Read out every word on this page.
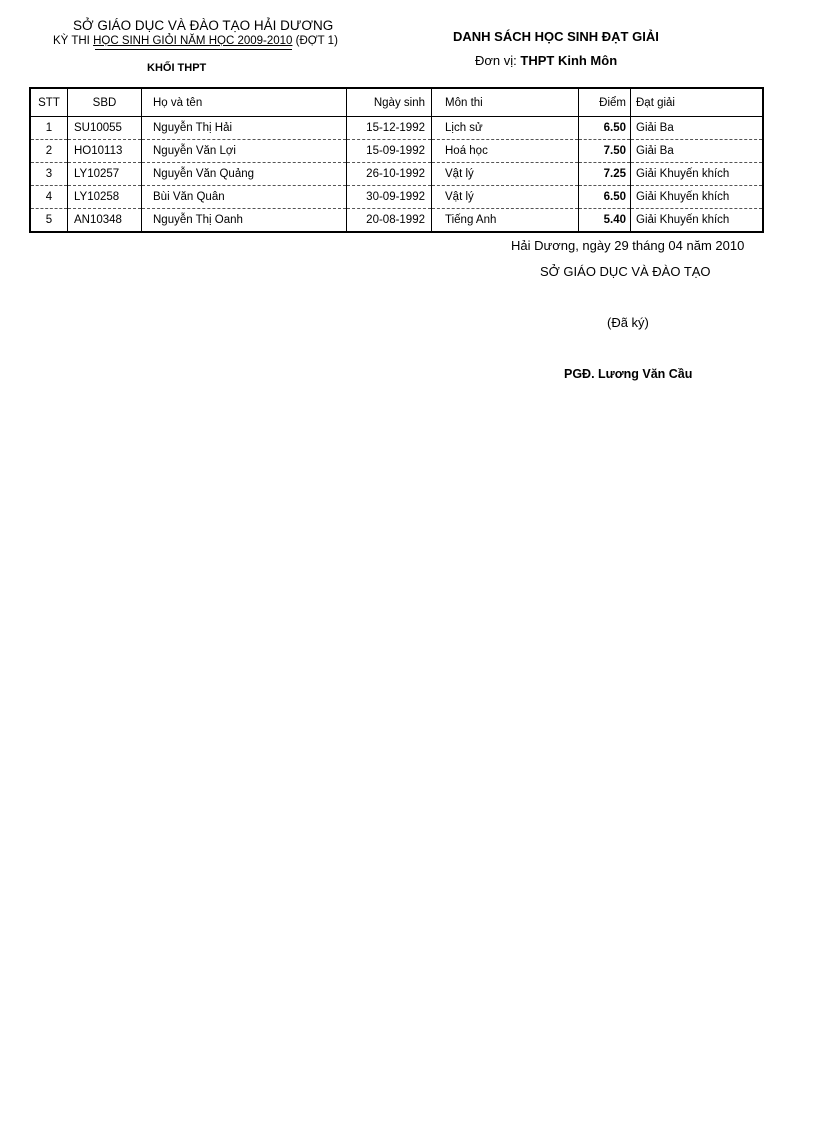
SỞ GIÁO DỤC VÀ ĐÀO TẠO HẢI DƯƠNG
KỲ THI HỌC SINH GIỎI NĂM HỌC 2009-2010 (ĐỢT 1)
KHỐI THPT
DANH SÁCH HỌC SINH ĐẠT GIẢI
Đơn vị: THPT Kinh Môn
STT	SBD	Họ và tên	Ngày sinh	Môn thi	Điểm	Đạt giải
1	SU10055	Nguyễn Thị Hải	15-12-1992	Lịch sử	6.50	Giải Ba
2	HO10113	Nguyễn Văn Lợi	15-09-1992	Hoá học	7.50	Giải Ba
3	LY10257	Nguyễn Văn Quảng	26-10-1992	Vật lý	7.25	Giải Khuyến khích
4	LY10258	Bùi Văn Quân	30-09-1992	Vật lý	6.50	Giải Khuyến khích
5	AN10348	Nguyễn Thị Oanh	20-08-1992	Tiếng Anh	5.40	Giải Khuyến khích
Hải Dương, ngày 29 tháng 04 năm 2010
SỞ GIÁO DỤC VÀ ĐÀO TẠO
(Đã ký)
PGĐ. Lương Văn Cầu
